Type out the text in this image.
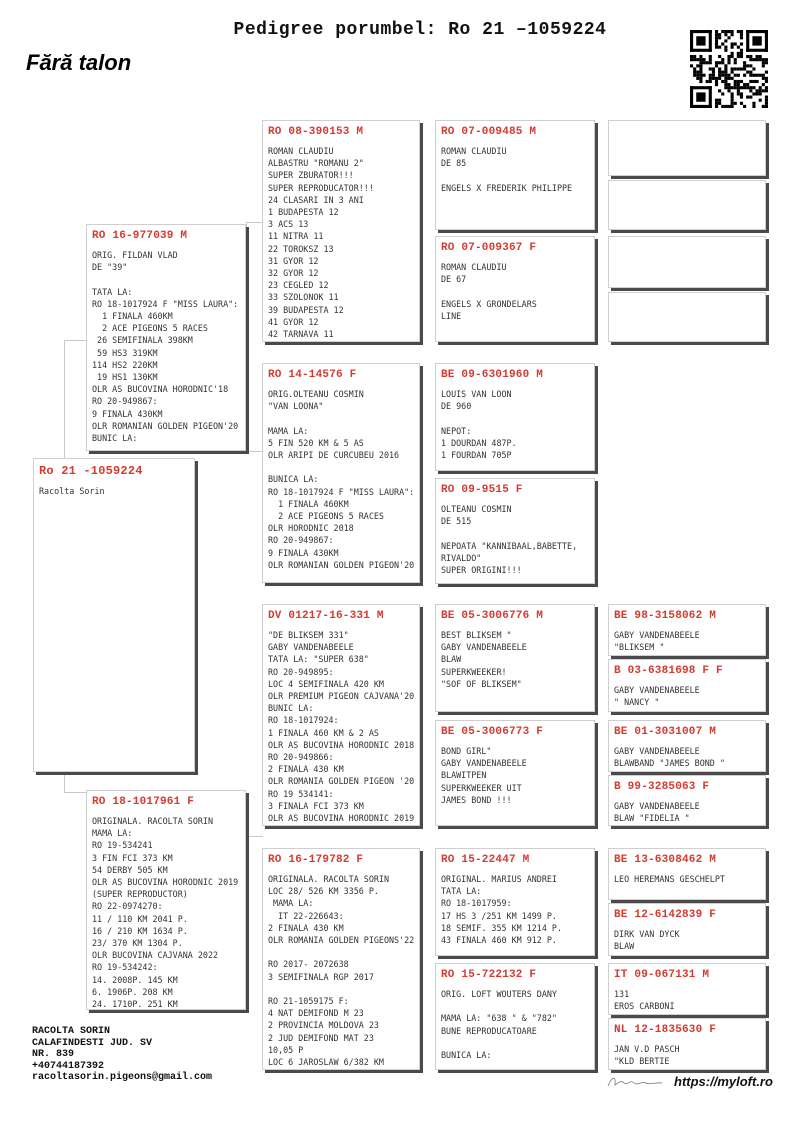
Pedigree porumbel: Ro 21 –1059224
Fără talon
Ro 21 -1059224
Racolta Sorin
RO 16-977039 M
ORIG. FILDAN VLAD
DE "39"

TATA LA:
RO 18-1017924 F "MISS LAURA":
1 FINALA 460KM
2 ACE PIGEONS 5 RACES
26 SEMIFINALA 398KM
59 HS3 319KM
114 HS2 220KM
19 HS1 130KM
OLR AS BUCOVINA HORODNIC'18
RO 20-949867:
9 FINALA 430KM
OLR ROMANIAN GOLDEN PIGEON'20
BUNIC LA:
RO 18-1017961 F
ORIGINALA. RACOLTA SORIN
MAMA LA:
RO 19-534241
3 FIN FCI 373 KM
54 DERBY 505 KM
OLR AS BUCOVINA HORODNIC 2019
(SUPER REPRODUCTOR)
RO 22-0974270:
11 / 110 KM 2041 P.
16 / 210 KM 1634 P.
23/ 370 KM 1304 P.
OLR BUCOVINA CAJVANA 2022
RO 19-534242:
14. 2008P. 145 KM
6. 1906P. 208 KM
24. 1710P. 251 KM
RO 08-390153 M
ROMAN CLAUDIU
ALBASTRU "ROMANU 2"
SUPER ZBURATOR!!!
SUPER REPRODUCATOR!!!
24 CLASARI IN 3 ANI
1 BUDAPESTA 12
3 ACS 13
11 NITRA 11
22 TOROKSZ 13
31 GYOR 12
32 GYOR 12
23 CEGLED 12
33 SZOLONOK 11
39 BUDAPESTA 12
41 GYOR 12
42 TARNAVA 11
RO 14-14576 F
ORIG.OLTEANU COSMIN
"VAN LOONA"

MAMA LA:
5 FIN 520 KM & 5 AS
OLR ARIPI DE CURCUBEU 2016

BUNICA LA:
RO 18-1017924 F "MISS LAURA":
1 FINALA 460KM
2 ACE PIGEONS 5 RACES
OLR HORODNIC 2018
RO 20-949867:
9 FINALA 430KM
OLR ROMANIAN GOLDEN PIGEON'20
DV 01217-16-331 M
"DE BLIKSEM 331"
GABY VANDENABEELE
TATA LA: "SUPER 638"
RO 20-949895:
LOC 4 SEMIFINALA 420 KM
OLR PREMIUM PIGEON CAJVANA'20
BUNIC LA:
RO 18-1017924:
1 FINALA 460 KM & 2 AS
OLR AS BUCOVINA HORODNIC 2018
RO 20-949866:
2 FINALA 430 KM
OLR ROMANIA GOLDEN PIGEON '20
RO 19 534141:
3 FINALA FCI 373 KM
OLR AS BUCOVINA HORODNIC 2019
RO 16-179782 F
ORIGINALA. RACOLTA SORIN
LOC 28/ 526 KM 3356 P.
MAMA LA:
IT 22-226643:
2 FINALA 430 KM
OLR ROMANIA GOLDEN PIGEONS'22

RO 2017- 2072638
3 SEMIFINALA RGP 2017

RO 21-1059175 F:
4 NAT DEMIFOND M 23
2 PROVINCIA MOLDOVA 23
2 JUD DEMIFOND MAT 23
10,05 P
LOC 6 JAROSLAW 6/382 KM
RO 07-009485 M
ROMAN CLAUDIU
DE 85

ENGELS X FREDERIK PHILIPPE
RO 07-009367 F
ROMAN CLAUDIU
DE 67

ENGELS X GRONDELARS
LINE
BE 09-6301960 M
LOUIS VAN LOON
DE 960

NEPOT:
1 DOURDAN 487P.
1 FOURDAN 705P
RO 09-9515 F
OLTEANU COSMIN
DE 515

NEPOATA "KANNIBAAL,BABETTE,
RIVALDO"
SUPER ORIGINI!!!
BE 05-3006776 M
BEST BLIKSEM "
GABY VANDENABEELE
BLAW
SUPERKWEEKER!
"SOF OF BLIKSEM"
BE 05-3006773 F
BOND GIRL"
GABY VANDENABEELE
BLAWITPEN
SUPERKWEEKER UIT
JAMES BOND !!!
RO 15-22447 M
ORIGINAL. MARIUS ANDREI
TATA LA:
RO 18-1017959:
17 HS 3 /251 KM 1499 P.
18 SEMIF. 355 KM 1214 P.
43 FINALA 460 KM 912 P.
RO 15-722132 F
ORIG. LOFT WOUTERS DANY

MAMA LA: "638 " & "782"
BUNE REPRODUCATOARE

BUNICA LA:
BE 98-3158062 M
GABY VANDENABEELE
"BLIKSEM "
B 03-6381698 F F
GABY VANDENABEELE
" NANCY "
BE 01-3031007 M
GABY VANDENABEELE
BLAWBAND "JAMES BOND "
B 99-3285063 F
GABY VANDENABEELE
BLAW "FIDELIA "
BE 13-6308462 M
LEO HEREMANS GESCHELPT
BE 12-6142839 F
DIRK VAN DYCK
BLAW
IT 09-067131 M
131
EROS CARBONI
NL 12-1835630 F
JAN V.D PASCH
"KLD BERTIE
RACOLTA SORIN
CALAFINDESTI JUD. SV
NR. 839
+40744187392
racoltasorin.pigeons@gmail.com	https://myloft.ro
